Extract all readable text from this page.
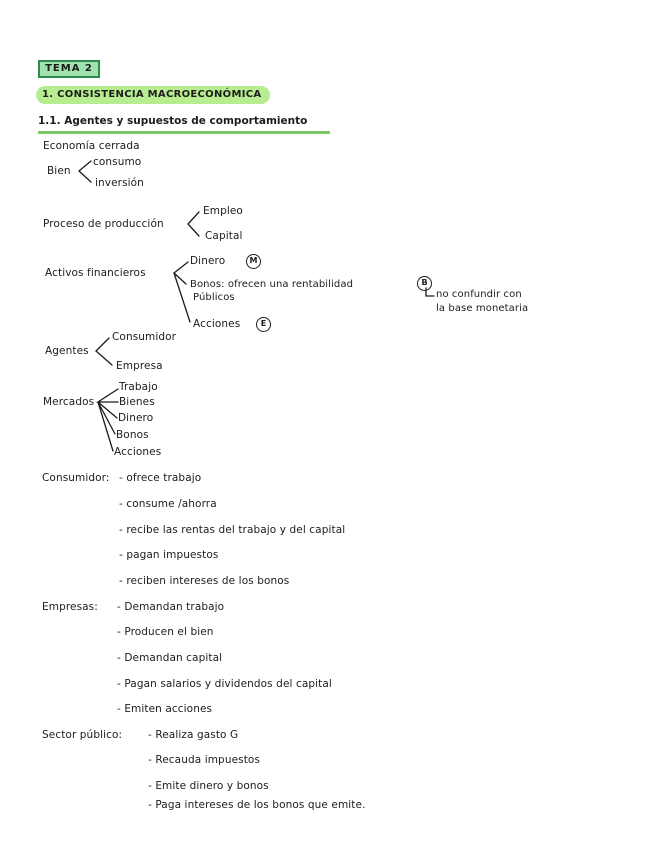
TEMA 2
1. CONSISTENCIA MACROECONÓMICA
1.1. Agentes y supuestos de comportamiento
Economía cerrada
Bien
consumo
inversión
Proceso de producción
Empleo
Capital
Activos financieros
Dinero	M
Bonos: ofrecen una rentabilidad
Públicos
B
no confundir con
la base monetaria
Acciones	E
Agentes
Consumidor
Empresa
Mercados
Trabajo
Bienes
Dinero
Bonos
Acciones
Consumidor: - ofrece trabajo
- consume /ahorra
- recibe las rentas del trabajo y del capital
- pagan impuestos
- reciben intereses de los bonos
Empresas: - Demandan trabajo
- Producen el bien
- Demandan capital
- Pagan salarios y dividendos del capital
- Emiten acciones
Sector público: - Realiza gasto G
- Recauda impuestos
- Emite dinero y bonos
- Paga intereses de los bonos que emite.
